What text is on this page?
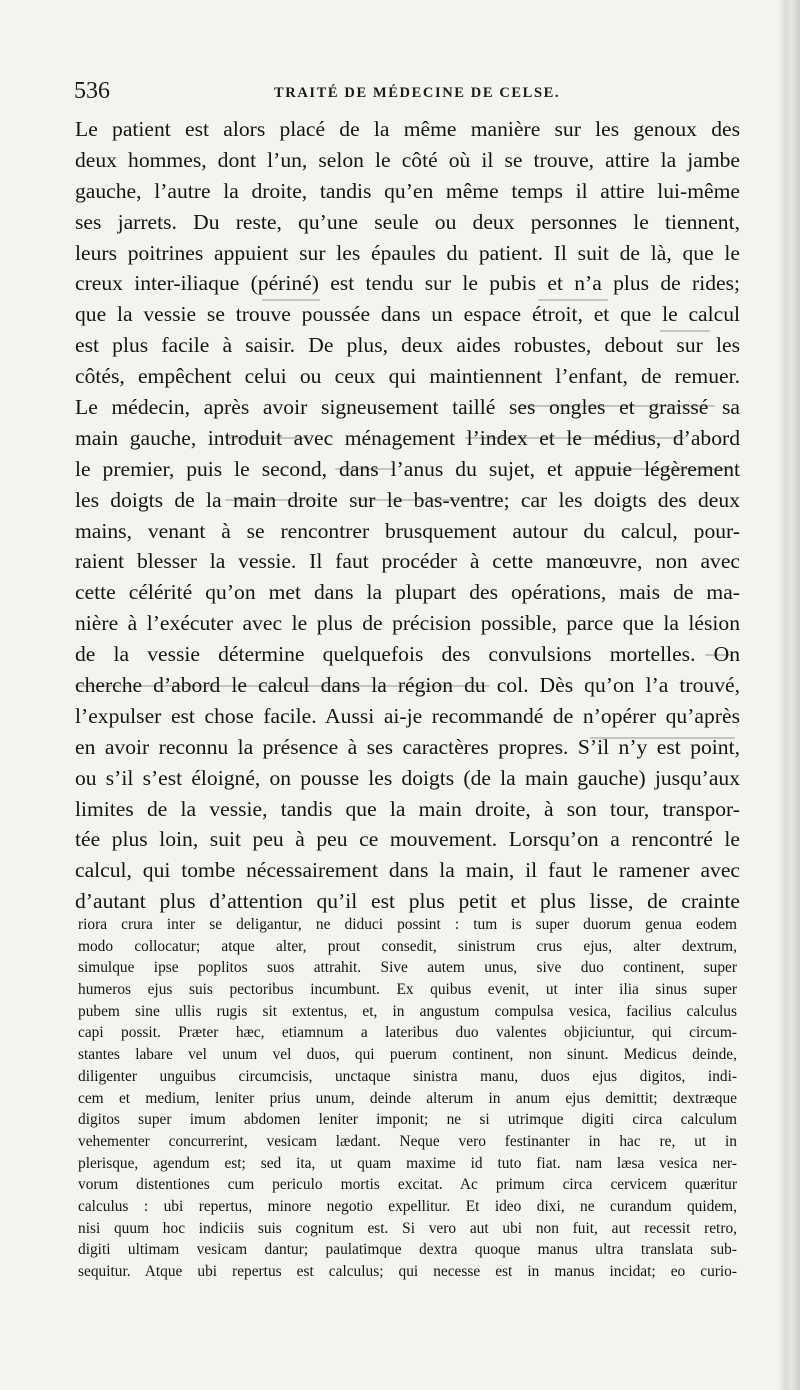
536	TRAITÉ DE MÉDECINE DE CELSE.
Le patient est alors placé de la même manière sur les genoux des
deux hommes, dont l’un, selon le côté où il se trouve, attire la jambe
gauche, l’autre la droite, tandis qu’en même temps il attire lui-même
ses jarrets. Du reste, qu’une seule ou deux personnes le tiennent,
leurs poitrines appuient sur les épaules du patient. Il suit de là, que le
creux inter-iliaque (périné) est tendu sur le pubis et n’a plus de rides;
que la vessie se trouve poussée dans un espace étroit, et que le calcul
est plus facile à saisir. De plus, deux aides robustes, debout sur les
côtés, empêchent celui ou ceux qui maintiennent l’enfant, de remuer.
Le médecin, après avoir signeusement taillé ses ongles et graissé sa
main gauche, introduit avec ménagement l’index et le médius, d’abord
le premier, puis le second, dans l’anus du sujet, et appuie légèrement
les doigts de la main droite sur le bas-ventre; car les doigts des deux
mains, venant à se rencontrer brusquement autour du calcul, pour-
raient blesser la vessie. Il faut procéder à cette manœuvre, non avec
cette célérité qu’on met dans la plupart des opérations, mais de ma-
nière à l’exécuter avec le plus de précision possible, parce que la lésion
de la vessie détermine quelquefois des convulsions mortelles. On
cherche d’abord le calcul dans la région du col. Dès qu’on l’a trouvé,
l’expulser est chose facile. Aussi ai-je recommandé de n’opérer qu’après
en avoir reconnu la présence à ses caractères propres. S’il n’y est point,
ou s’il s’est éloigné, on pousse les doigts (de la main gauche) jusqu’aux
limites de la vessie, tandis que la main droite, à son tour, transpor-
tée plus loin, suit peu à peu ce mouvement. Lorsqu’on a rencontré le
calcul, qui tombe nécessairement dans la main, il faut le ramener avec
d’autant plus d’attention qu’il est plus petit et plus lisse, de crainte
riora crura inter se deligantur, ne diduci possint : tum is super duorum genua eodem
modo collocatur; atque alter, prout consedit, sinistrum crus ejus, alter dextrum,
simulque ipse poplitos suos attrahit. Sive autem unus, sive duo continent, super
humeros ejus suis pectoribus incumbunt. Ex quibus evenit, ut inter ilia sinus super
pubem sine ullis rugis sit extentus, et, in angustum compulsa vesica, facilius calculus
capi possit. Præter hæc, etiamnum a lateribus duo valentes objiciuntur, qui circum-
stantes labare vel unum vel duos, qui puerum continent, non sinunt. Medicus deinde,
diligenter unguibus circumcisis, unctaque sinistra manu, duos ejus digitos, indi-
cem et medium, leniter prius unum, deinde alterum in anum ejus demittit; dextræque
digitos super imum abdomen leniter imponit; ne si utrimque digiti circa calculum
vehementer concurrerint, vesicam lædant. Neque vero festinanter in hac re, ut in
plerisque, agendum est; sed ita, ut quam maxime id tuto fiat. nam læsa vesica ner-
vorum distentiones cum periculo mortis excitat. Ac primum circa cervicem quæritur
calculus : ubi repertus, minore negotio expellitur. Et ideo dixi, ne curandum quidem,
nisi quum hoc indiciis suis cognitum est. Si vero aut ubi non fuit, aut recessit retro,
digiti ultimam vesicam dantur; paulatimque dextra quoque manus ultra translata sub-
sequitur. Atque ubi repertus est calculus; qui necesse est in manus incidat; eo curio-
